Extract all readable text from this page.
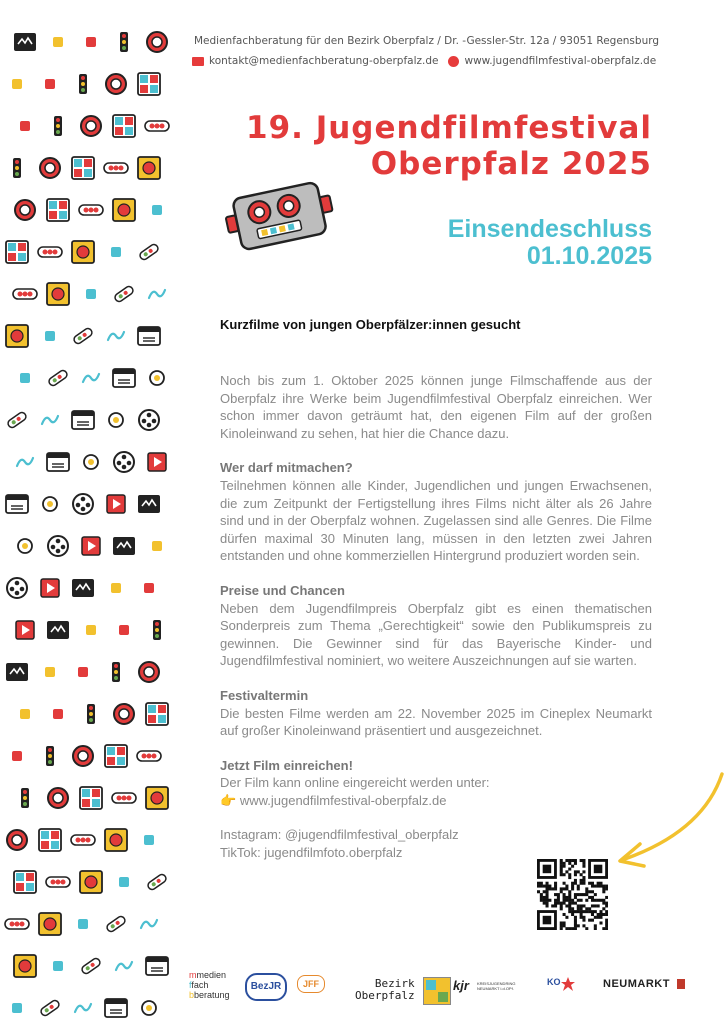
Medienfachberatung für den Bezirk Oberpfalz / Dr. -Gessler-Str. 12a / 93051 Regensburg
kontakt@medienfachberatung-oberpfalz.de www.jugendfilmfestival-oberpfalz.de
19. Jugendfilmfestival
Oberpfalz 2025
Einsendeschluss
01.10.2025
Kurzfilme von jungen Oberpfälzer:innen gesucht

Noch bis zum 1. Oktober 2025 können junge Filmschaffende aus der Oberpfalz ihre Werke beim Jugendfilmfestival Oberpfalz einreichen. Wer schon immer davon geträumt hat, den eigenen Film auf der großen Kinoleinwand zu sehen, hat hier die Chance dazu.

Wer darf mitmachen?

Teilnehmen können alle Kinder, Jugendlichen und jungen Erwachsenen, die zum Zeitpunkt der Fertigstellung ihres Films nicht älter als 26 Jahre sind und in der Oberpfalz wohnen. Zugelassen sind alle Genres. Die Filme dürfen maximal 30 Minuten lang, müssen in den letzten zwei Jahren entstanden und ohne kommerziellen Hintergrund produziert worden sein.

Preise und Chancen

Neben dem Jugendfilmpreis Oberpfalz gibt es einen thematischen Sonderpreis zum Thema „Gerechtigkeit“ sowie den Publikumspreis zu gewinnen. Die Gewinner sind für das Bayerische Kinder- und Jugendfilmfestival nominiert, wo weitere Auszeichnungen auf sie warten.

Festivaltermin

Die besten Filme werden am 22. November 2025 im Cineplex Neumarkt auf großer Kinoleinwand präsentiert und ausgezeichnet.

Jetzt Film einreichen!

Der Film kann online eingereicht werden unter:

👉 www.jugendfilmfestival-oberpfalz.de

Instagram: @jugendfilmfestival_oberpfalz

TikTok: jugendfilmfoto.oberpfalz

mmedien
ffach
bberatung
BezJR	JFF	Bezirk
Oberpfalz
kjr KREISJUGENDRING NEUMARKT i.d.OPf.
KO	NEUMARKT
